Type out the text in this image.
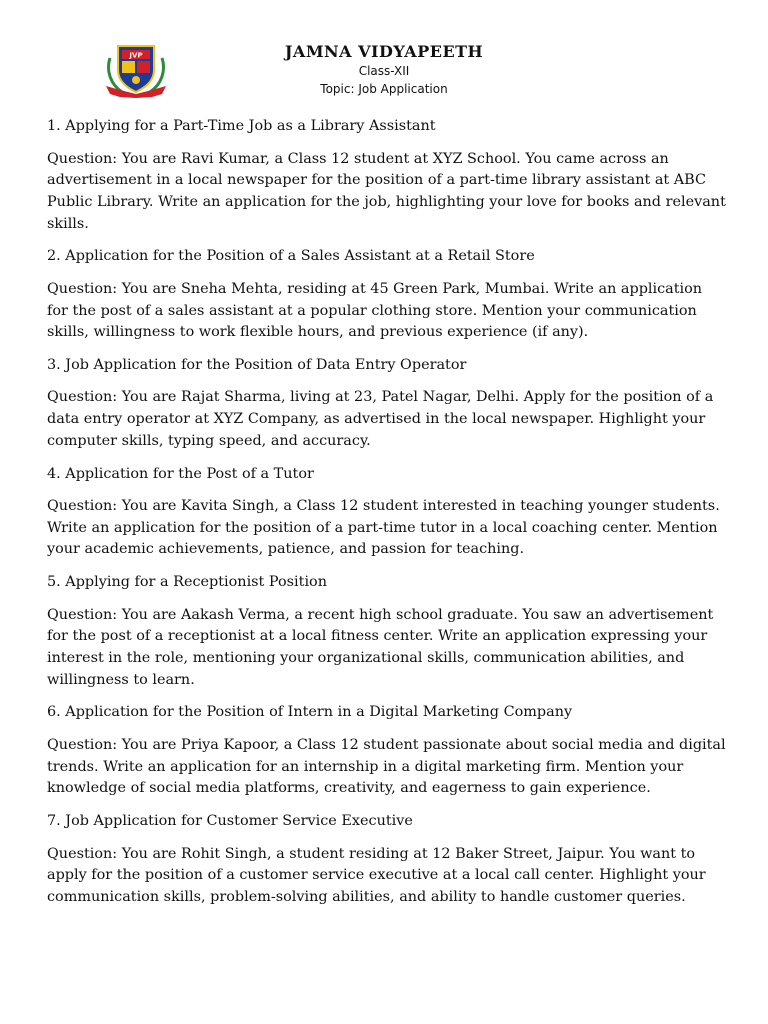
JVP	JAMNA VIDYAPEETH

Class-XII

Topic: Job Application

1. Applying for a Part-Time Job as a Library Assistant

Question: You are Ravi Kumar, a Class 12 student at XYZ School. You came across an advertisement in a local newspaper for the position of a part-time library assistant at ABC Public Library. Write an application for the job, highlighting your love for books and relevant skills.

2. Application for the Position of a Sales Assistant at a Retail Store

Question: You are Sneha Mehta, residing at 45 Green Park, Mumbai. Write an application for the post of a sales assistant at a popular clothing store. Mention your communication skills, willingness to work flexible hours, and previous experience (if any).

3. Job Application for the Position of Data Entry Operator

Question: You are Rajat Sharma, living at 23, Patel Nagar, Delhi. Apply for the position of a data entry operator at XYZ Company, as advertised in the local newspaper. Highlight your computer skills, typing speed, and accuracy.

4. Application for the Post of a Tutor

Question: You are Kavita Singh, a Class 12 student interested in teaching younger students. Write an application for the position of a part-time tutor in a local coaching center. Mention your academic achievements, patience, and passion for teaching.

5. Applying for a Receptionist Position

Question: You are Aakash Verma, a recent high school graduate. You saw an advertisement for the post of a receptionist at a local fitness center. Write an application expressing your interest in the role, mentioning your organizational skills, communication abilities, and willingness to learn.

6. Application for the Position of Intern in a Digital Marketing Company

Question: You are Priya Kapoor, a Class 12 student passionate about social media and digital trends. Write an application for an internship in a digital marketing firm. Mention your knowledge of social media platforms, creativity, and eagerness to gain experience.

7. Job Application for Customer Service Executive

Question: You are Rohit Singh, a student residing at 12 Baker Street, Jaipur. You want to apply for the position of a customer service executive at a local call center. Highlight your communication skills, problem-solving abilities, and ability to handle customer queries.
